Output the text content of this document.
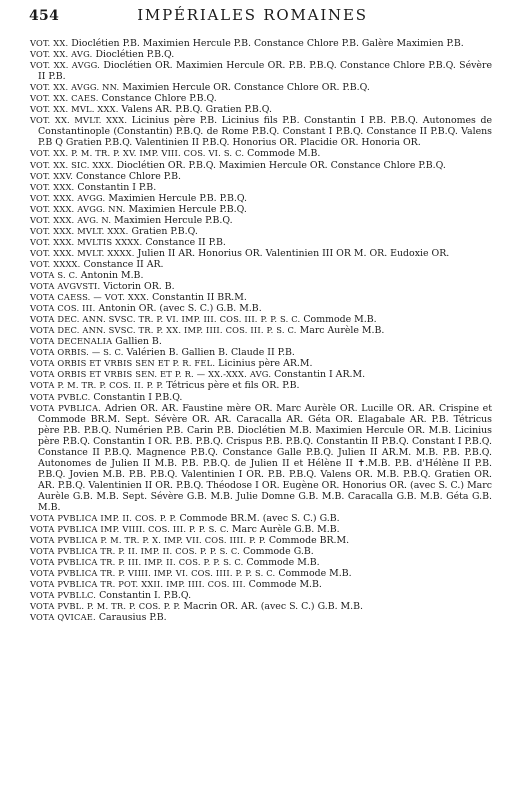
454	IMPÉRIALES ROMAINES
VOT. XX. Dioclétien P.B. Maximien Hercule P.B. Constance Chlore P.B. Galère Maximien P.B.
VOT. XX. AVG. Dioclétien P.B.Q.
VOT. XX. AVGG. Dioclétien OR. Maximien Hercule OR. P.B. P.B.Q. Constance Chlore P.B.Q. Sévère II P.B.
VOT. XX. AVGG. NN. Maximien Hercule OR. Constance Chlore OR. P.B.Q.
VOT. XX. CAES. Constance Chlore P.B.Q.
VOT. XX. MVL. XXX. Valens AR. P.B.Q. Gratien P.B.Q.
VOT. XX. MVLT. XXX. Licinius père P.B. Licinius fils P.B. Constantin I P.B. P.B.Q. Autonomes de Constantinople (Constantin) P.B.Q. de Rome P.B.Q. Constant I P.B.Q. Constance II P.B.Q. Valens P.B Q Gratien P.B.Q. Valentinien II P.B.Q. Honorius OR. Placidie OR. Honoria OR.
VOT. XX. P. M. TR. P. XV. IMP. VIII. COS. VI. S. C. Commode M.B.
VOT. XX. SIC. XXX. Dioclétien OR. P.B.Q. Maximien Hercule OR. Constance Chlore P.B.Q.
VOT. XXV. Constance Chlore P.B.
VOT. XXX. Constantin I P.B.
VOT. XXX. AVGG. Maximien Hercule P.B. P.B.Q.
VOT. XXX. AVGG. NN. Maximien Hercule P.B.Q.
VOT. XXX. AVG. N. Maximien Hercule P.B.Q.
VOT. XXX. MVLT. XXX. Gratien P.B.Q.
VOT. XXX. MVLTIS XXXX. Constance II P.B.
VOT. XXX. MVLT. XXXX. Julien II AR. Honorius OR. Valentinien III OR M. OR. Eudoxie OR.
VOT. XXXX. Constance II AR.
VOTA S. C. Antonin M.B.
VOTA AVGVSTI. Victorin OR. B.
VOTA CAESS. — VOT. XXX. Constantin II BR.M.
VOTA COS. III. Antonin OR. (avec S. C.) G.B. M.B.
VOTA DEC. ANN. SVSC. TR. P. VI. IMP. III. COS. III. P. P. S. C. Commode M.B.
VOTA DEC. ANN. SVSC. TR. P. XX. IMP. IIII. COS. III. P. S. C. Marc Aurèle M.B.
VOTA DECENALIA Gallien B.
VOTA ORBIS. — S. C. Valérien B. Gallien B. Claude II P.B.
VOTA ORBIS ET VRBIS SEN ET P. R. FEL. Licinius père AR.M.
VOTA ORBIS ET VRBIS SEN. ET P. R. — XX.-XXX. AVG. Constantin I AR.M.
VOTA P. M. TR. P. COS. II. P. P. Tétricus père et fils OR. P.B.
VOTA PVBLC. Constantin I P.B.Q.
VOTA PVBLICA. Adrien OR. AR. Faustine mère OR. Marc Aurèle OR. Lucille OR. AR. Crispine et Commode BR.M. Sept. Sévère OR. AR. Caracalla AR. Géta OR. Elagabale AR. P.B. Tétricus père P.B. P.B.Q. Numérien P.B. Carin P.B. Dioclétien M.B. Maximien Hercule OR. M.B. Licinius père P.B.Q. Constantin I OR. P.B. P.B.Q. Crispus P.B. P.B.Q. Constantin II P.B.Q. Constant I P.B.Q. Constance II P.B.Q. Magnence P.B.Q. Constance Galle P.B.Q. Julien II AR.M. M.B. P.B. P.B.Q. Autonomes de Julien II M.B. P.B. P.B.Q. de Julien II et Hélène II ✝.M.B. P.B. d'Hélène II P.B. P.B.Q. Jovien M.B. P.B. P.B.Q. Valentinien I OR. P.B. P.B.Q. Valens OR. M.B. P.B.Q. Gratien OR. AR. P.B.Q. Valentinien II OR. P.B.Q. Théodose I OR. Eugène OR. Honorius OR. (avec S. C.) Marc Aurèle G.B. M.B. Sept. Sévère G.B. M.B. Julie Domne G.B. M.B. Caracalla G.B. M.B. Géta G.B. M.B.
VOTA PVBLICA IMP. II. COS. P. P. Commode BR.M. (avec S. C.) G.B.
VOTA PVBLICA IMP. VIIII. COS. III. P. P. S. C. Marc Aurèle G.B. M.B.
VOTA PVBLICA P. M. TR. P. X. IMP. VII. COS. IIII. P. P. Commode BR.M.
VOTA PVBLICA TR. P. II. IMP. II. COS. P. P. S. C. Commode G.B.
VOTA PVBLICA TR. P. III. IMP. II. COS. P. P. S. C. Commode M.B.
VOTA PVBLICA TR. P. VIIII. IMP. VI. COS. IIII. P. P. S. C. Commode M.B.
VOTA PVBLICA TR. POT. XXII. IMP. IIII. COS. III. Commode M.B.
VOTA PVBLLC. Constantin I. P.B.Q.
VOTA PVBL. P. M. TR. P. COS. P. P. Macrin OR. AR. (avec S. C.) G.B. M.B.
VOTA QVICAE. Carausius P.B.
